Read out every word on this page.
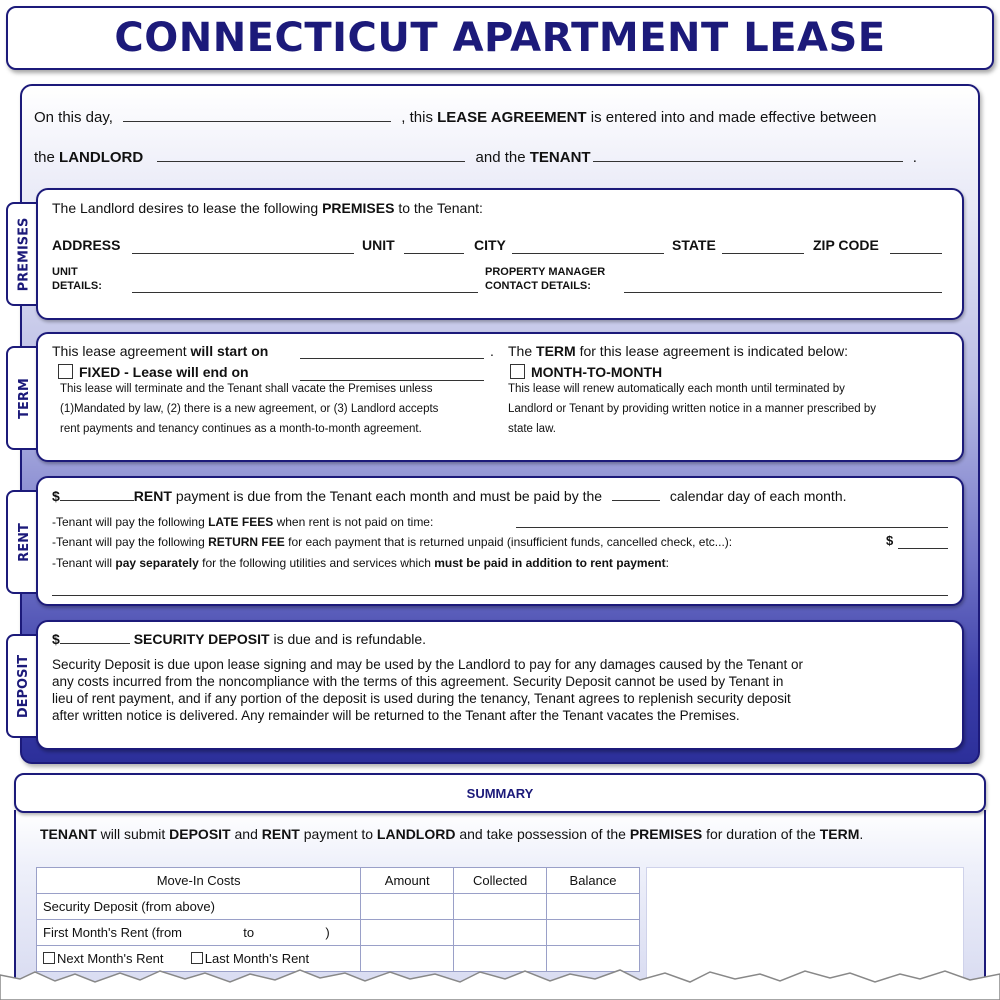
CONNECTICUT APARTMENT LEASE
On this day,	, this LEASE AGREEMENT is entered into and made effective between
the LANDLORD	and the TENANT	.
PREMISES
The Landlord desires to lease the following PREMISES to the Tenant:
ADDRESS	UNIT	CITY	STATE	ZIP CODE
UNIT
DETAILS:
PROPERTY MANAGER
CONTACT DETAILS:
TERM
This lease agreement will start on	. The TERM for this lease agreement is indicated below:
FIXED - Lease will end on
This lease will terminate and the Tenant shall vacate the Premises unless
(1)Mandated by law, (2) there is a new agreement, or (3) Landlord accepts
rent payments and tenancy continues as a month-to-month agreement.
MONTH-TO-MONTH
This lease will renew automatically each month until terminated by
Landlord or Tenant by providing written notice in a manner prescribed by
state law.
RENT
$	RENT payment is due from the Tenant each month and must be paid by the	calendar day of each month.
-Tenant will pay the following LATE FEES when rent is not paid on time:
-Tenant will pay the following RETURN FEE for each payment that is returned unpaid (insufficient funds, cancelled check, etc...):	$
-Tenant will pay separately for the following utilities and services which must be paid in addition to rent payment:
DEPOSIT
$	SECURITY DEPOSIT is due and is refundable.
Security Deposit is due upon lease signing and may be used by the Landlord to pay for any damages caused by the Tenant or
any costs incurred from the noncompliance with the terms of this agreement. Security Deposit cannot be used by Tenant in
lieu of rent payment, and if any portion of the deposit is used during the tenancy, Tenant agrees to replenish security deposit
after written notice is delivered. Any remainder will be returned to the Tenant after the Tenant vacates the Premises.
SUMMARY
TENANT will submit DEPOSIT and RENT payment to LANDLORD and take possession of the PREMISES for duration of the TERM.
Move-In Costs	Amount	Collected	Balance
Security Deposit (from above)			
First Month's Rent (from to )			
Next Month's Rent Last Month's Rent			
